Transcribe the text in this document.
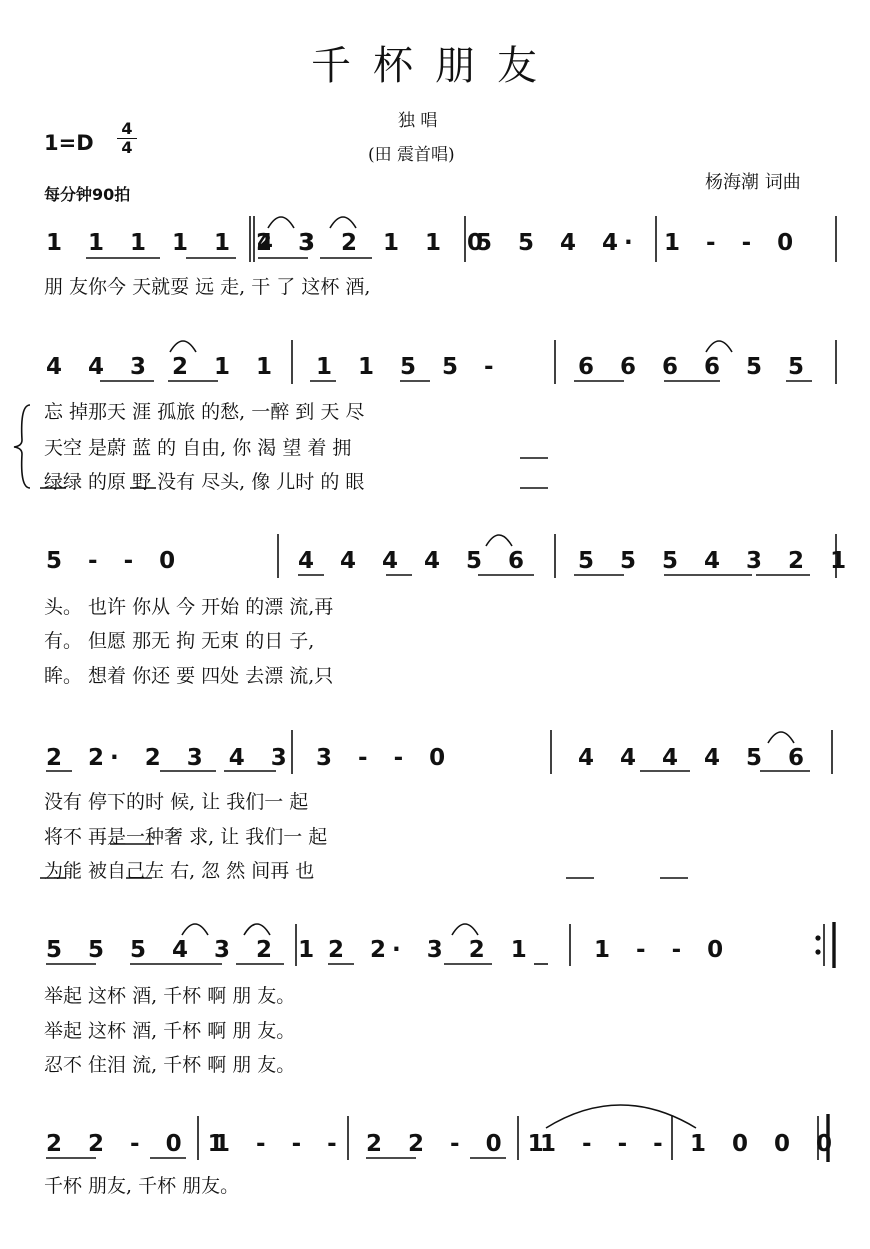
千杯朋友
独 唱
(田 震首唱)
1=D
4
4
每分钟90拍
杨海潮 词曲
1 1 1 1 1 2 3
4 3 2 1 1 0
5 5 4 4· 1 - - 0
朋 友你今 天就耍 远 走, 干 了 这杯 酒,
4 4 3 2 1 1 1 1 5 5 -	6 6 6 6 5 5
忘 掉那天 涯 孤旅 的愁, 一醉 到 天 尽
天空 是蔚 蓝 的 自由, 你 渴 望 着 拥
绿绿 的原 野 没有 尽头, 像 儿时 的 眼
5 - - 0	4 4 4 4 5 6 5 5 5 4 3 2 1
头。 也许 你从 今 开始 的漂 流,再
有。 但愿 那无 拘 无束 的日 子,
眸。 想着 你还 要 四处 去漂 流,只
2 2· 2 3 4 3 3 - - 0	4 4 4 4 5 6
没有 停下的时 候, 让 我们一 起
将不 再是一种奢 求, 让 我们一 起
为能 被自己左 右, 忽 然 间再 也
5 5 5 4 3 2 1 2 2· 3 2 1	1 - - 0
举起 这杯 酒, 千杯 啊 朋 友。
举起 这杯 酒, 千杯 啊 朋 友。
忍不 住泪 流, 千杯 啊 朋 友。
2 2 - 0 1
1 - - - 2 2 - 0 1
1 - - - 1 0 0 0
千杯 朋友, 千杯 朋友。
